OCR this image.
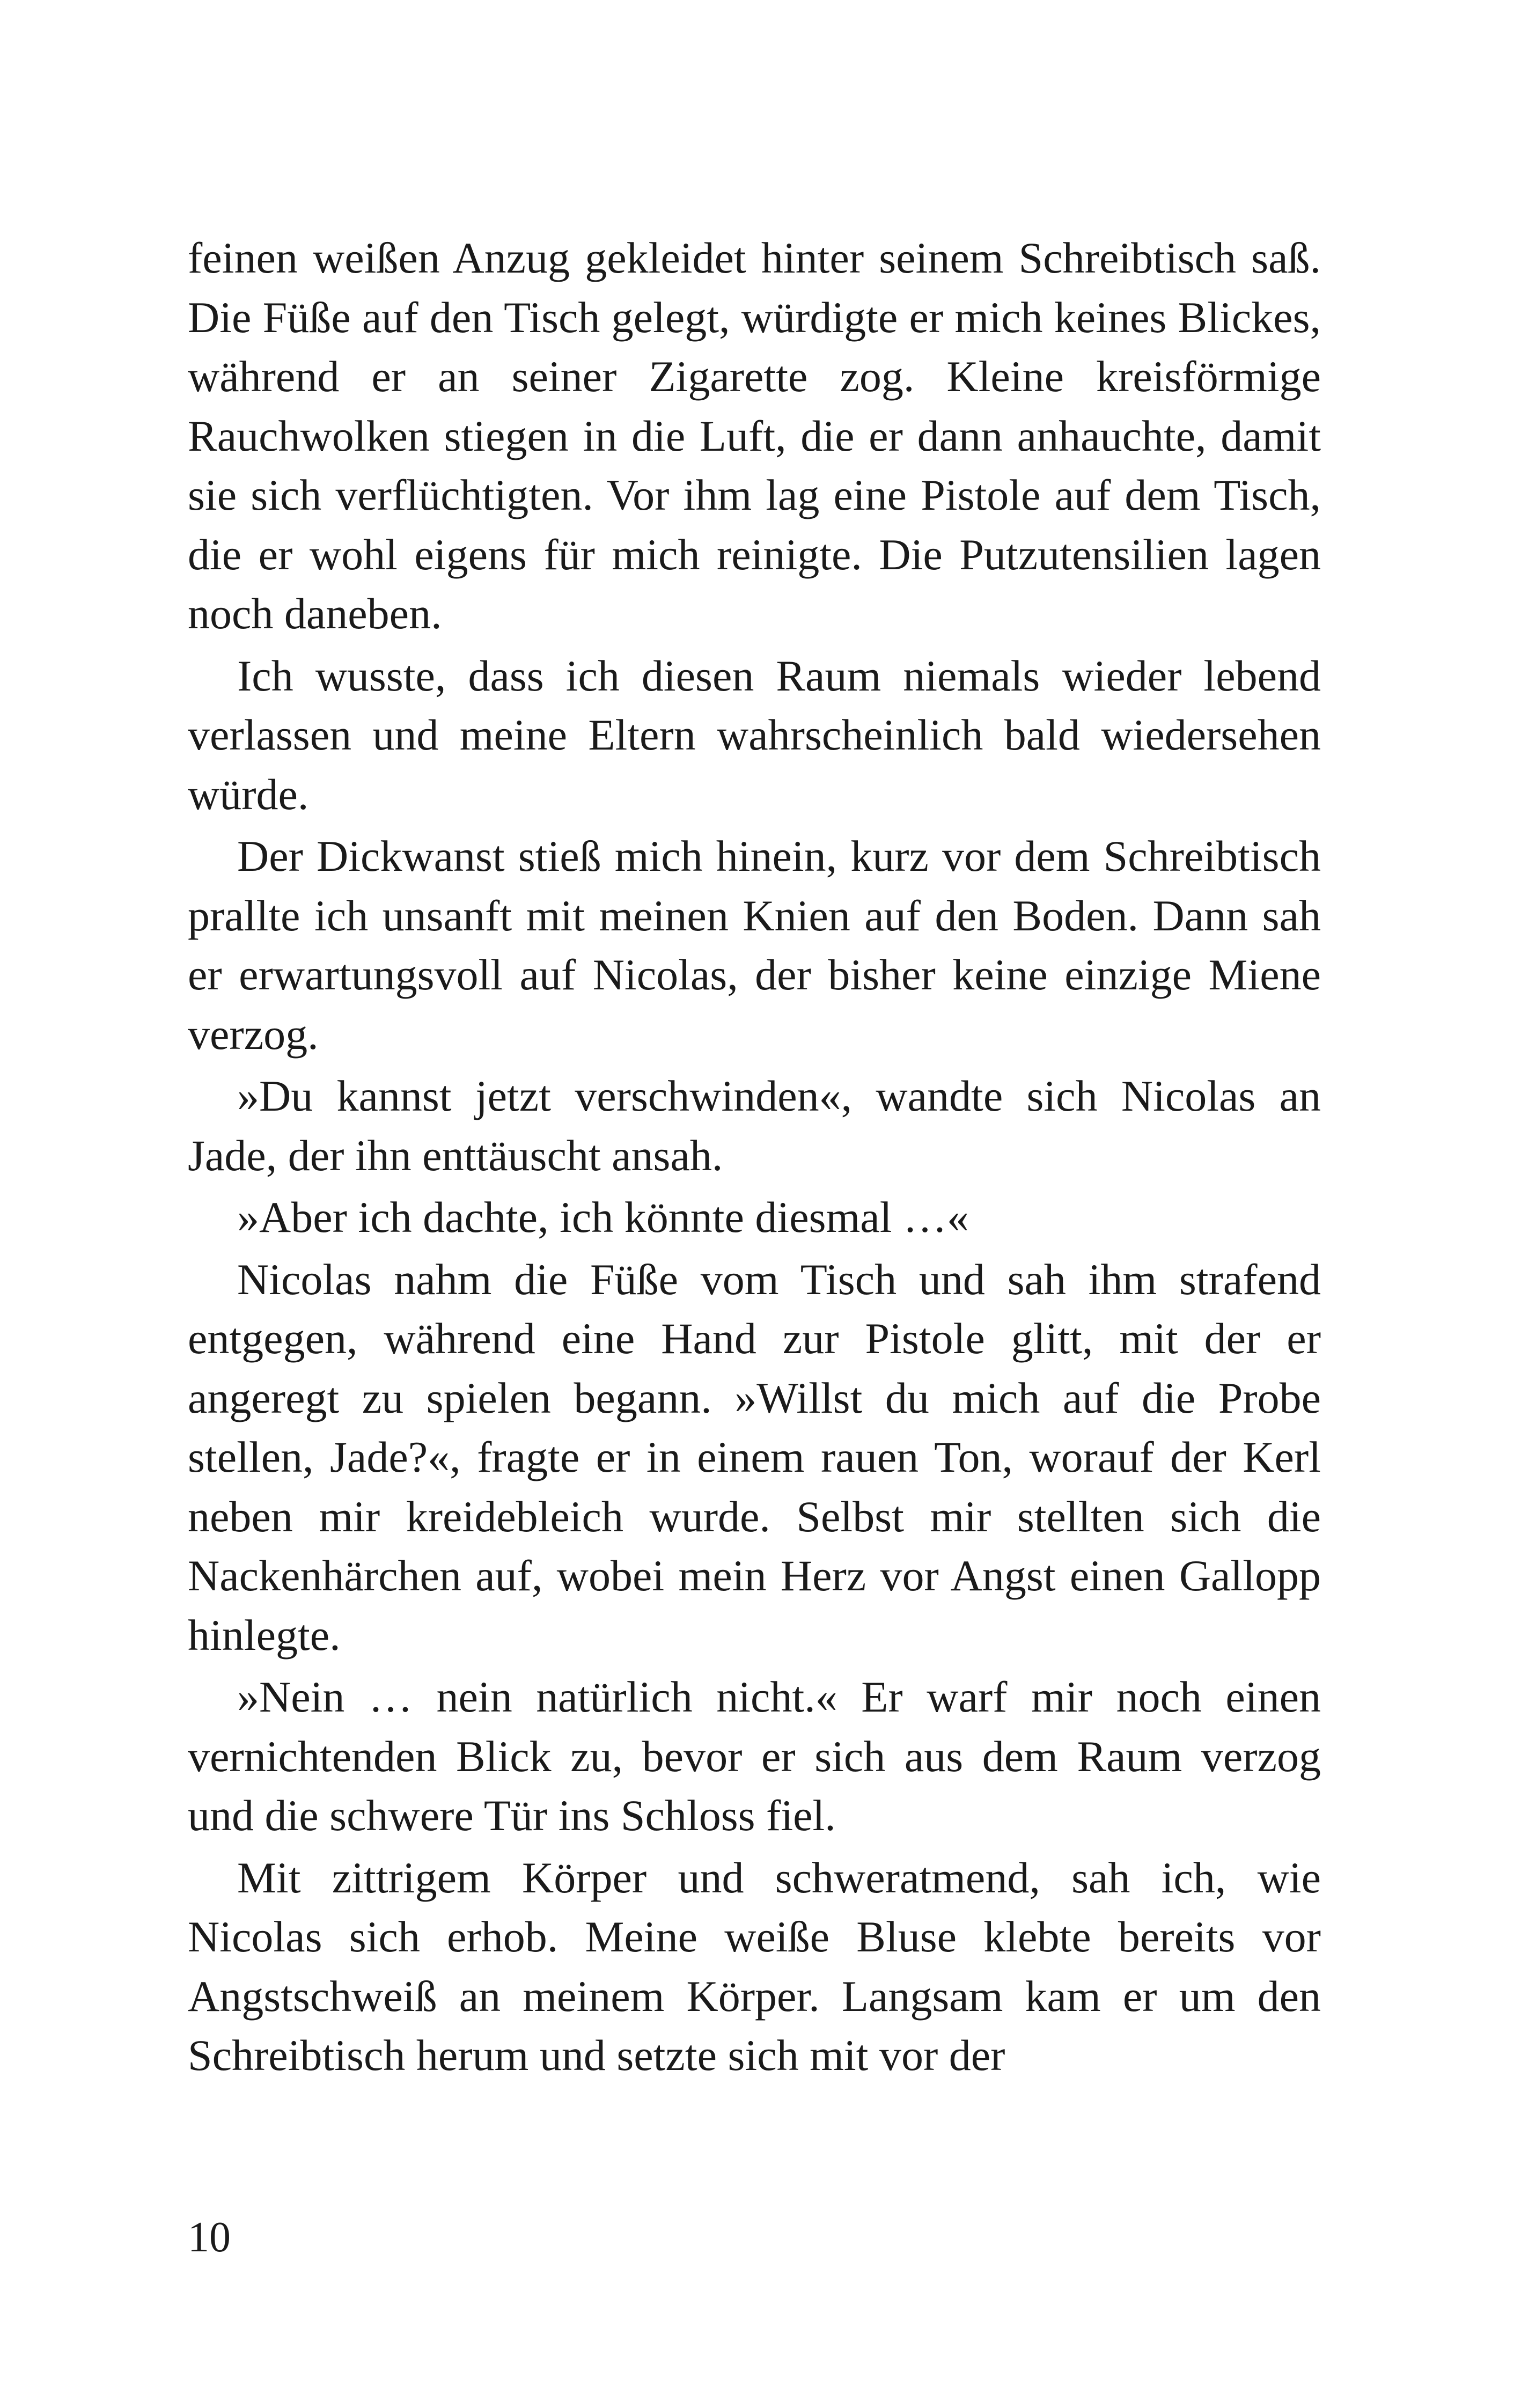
feinen weißen Anzug gekleidet hinter seinem Schreibtisch saß. Die Füße auf den Tisch gelegt, würdigte er mich keines Blickes, während er an seiner Zigarette zog. Kleine kreisförmige Rauchwolken stiegen in die Luft, die er dann anhauchte, damit sie sich verflüchtigten. Vor ihm lag eine Pistole auf dem Tisch, die er wohl eigens für mich reinigte. Die Putzutensilien lagen noch daneben.

Ich wusste, dass ich diesen Raum niemals wieder lebend verlassen und meine Eltern wahrscheinlich bald wiedersehen würde.

Der Dickwanst stieß mich hinein, kurz vor dem Schreibtisch prallte ich unsanft mit meinen Knien auf den Boden. Dann sah er erwartungsvoll auf Nicolas, der bisher keine einzige Miene verzog.

»Du kannst jetzt verschwinden«, wandte sich Nicolas an Jade, der ihn enttäuscht ansah.

»Aber ich dachte, ich könnte diesmal …«

Nicolas nahm die Füße vom Tisch und sah ihm strafend entgegen, während eine Hand zur Pistole glitt, mit der er angeregt zu spielen begann. »Willst du mich auf die Probe stellen, Jade?«, fragte er in einem rauen Ton, worauf der Kerl neben mir kreidebleich wurde. Selbst mir stellten sich die Nackenhärchen auf, wobei mein Herz vor Angst einen Gallopp hinlegte.

»Nein … nein natürlich nicht.« Er warf mir noch einen vernichtenden Blick zu, bevor er sich aus dem Raum verzog und die schwere Tür ins Schloss fiel.

Mit zittrigem Körper und schweratmend, sah ich, wie Nicolas sich erhob. Meine weiße Bluse klebte bereits vor Angstschweiß an meinem Körper. Langsam kam er um den Schreibtisch herum und setzte sich mit vor der

10
